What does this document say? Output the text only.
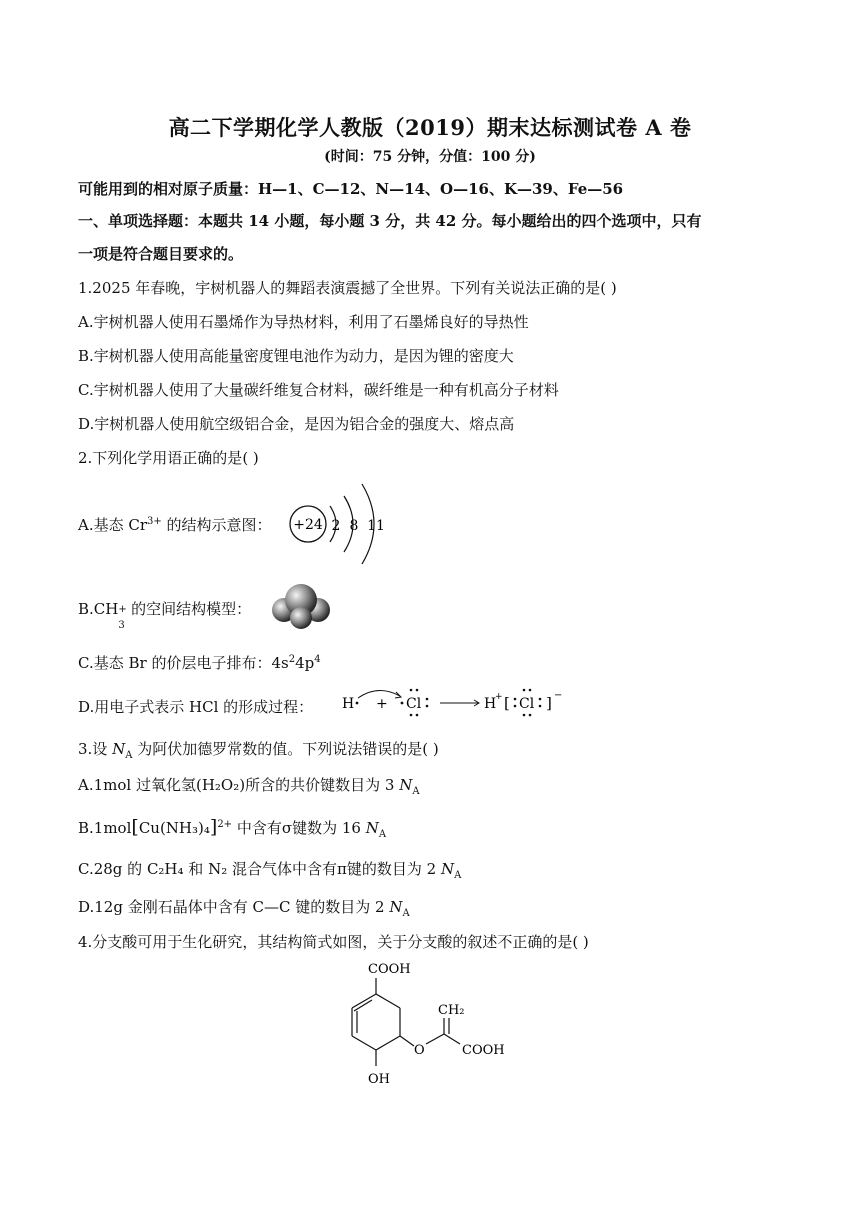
高二下学期化学人教版（2019）期末达标测试卷 A 卷
(时间：75 分钟，分值：100 分)
可能用到的相对原子质量：H—1、C—12、N—14、O—16、K—39、Fe—56
一、单项选择题：本题共 14 小题，每小题 3 分，共 42 分。每小题给出的四个选项中，只有
一项是符合题目要求的。
1.2025 年春晚，宇树机器人的舞蹈表演震撼了全世界。下列有关说法正确的是( )
A.宇树机器人使用石墨烯作为导热材料，利用了石墨烯良好的导热性
B.宇树机器人使用高能量密度锂电池作为动力，是因为锂的密度大
C.宇树机器人使用了大量碳纤维复合材料，碳纤维是一种有机高分子材料
D.宇树机器人使用航空级铝合金，是因为铝合金的强度大、熔点高
2.下列化学用语正确的是( )
A.基态 $Cr^{3+}$ 的结构示意图： +24 2 8 11
B.CH +
3
的空间结构模型：
C.基态 Br 的价层电子排布：$4s^24p^4$
D.用电子式表示 HCl 的形成过程： H + Cl	H
+ [ Cl ] −
3.设 $N_A$ 为阿伏加德罗常数的值。下列说法错误的是( )
A.1mol 过氧化氢(H₂O₂)所含的共价键数目为 3 $N_A$
$B.1mol[Cu(NH_3)_4]^{2+}$ 中含有σ键数为 16 $N_A$
C.28g 的 C₂H₄ 和 N₂ 混合气体中含有π键的数目为 2 $N_A$
D.12g 金刚石晶体中含有 C—C 键的数目为 2 $N_A$
4.分支酸可用于生化研究，其结构简式如图，关于分支酸的叙述不正确的是( )
COOH
OH
O
CH₂
COOH
